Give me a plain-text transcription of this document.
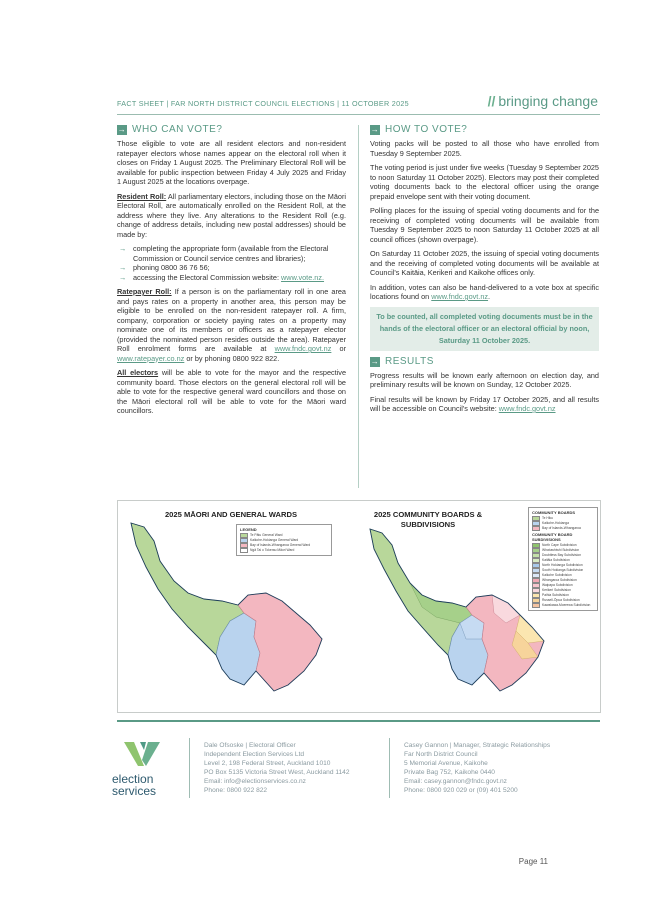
FACT SHEET | FAR NORTH DISTRICT COUNCIL ELECTIONS | 11 OCTOBER 2025	// bringing change
→ WHO CAN VOTE?

Those eligible to vote are all resident electors and non-resident ratepayer electors whose names appear on the electoral roll when it closes on Friday 1 August 2025. The Preliminary Electoral Roll will be available for public inspection between Friday 4 July 2025 and Friday 1 August 2025 at the locations overpage.

Resident Roll: All parliamentary electors, including those on the Māori Electoral Roll, are automatically enrolled on the Resident Roll, at the address where they live. Any alterations to the Resident Roll (e.g. change of address details, including new postal addresses) should be made by:

→ completing the appropriate form (available from the Electoral Commission or Council service centres and libraries);
→ phoning 0800 36 76 56;
→ accessing the Electoral Commission website: www.vote.nz.

Ratepayer Roll: If a person is on the parliamentary roll in one area and pays rates on a property in another area, this person may be eligible to be enrolled on the non-resident ratepayer roll. A firm, company, corporation or society paying rates on a property may nominate one of its members or officers as a ratepayer elector (provided the nominated person resides outside the area). Ratepayer Roll enrolment forms are available at www.fndc.govt.nz or www.ratepayer.co.nz or by phoning 0800 922 822.

All electors will be able to vote for the mayor and the respective community board. Those electors on the general electoral roll will be able to vote for the respective general ward councillors and those on the Māori electoral roll will be able to vote for the Māori ward councillors.

→ HOW TO VOTE?

Voting packs will be posted to all those who have enrolled from Tuesday 9 September 2025.

The voting period is just under five weeks (Tuesday 9 September 2025 to noon Saturday 11 October 2025). Electors may post their completed voting documents back to the electoral officer using the orange prepaid envelope sent with their voting document.

Polling places for the issuing of special voting documents and for the receiving of completed voting documents will be available from Tuesday 9 September 2025 to noon Saturday 11 October 2025 at all council offices (shown overpage).

On Saturday 11 October 2025, the issuing of special voting documents and the receiving of completed voting documents will be available at Council's Kaitāia, Kerikeri and Kaikohe offices only.

In addition, votes can also be hand-delivered to a vote box at specific locations found on www.fndc.govt.nz.

To be counted, all completed voting documents must be in the hands of the electoral officer or an electoral official by noon, Saturday 11 October 2025.
→ RESULTS

Progress results will be known early afternoon on election day, and preliminary results will be known on Sunday, 12 October 2025.

Final results will be known by Friday 17 October 2025, and all results will be accessible on Council's website: www.fndc.govt.nz

2025 MĀORI AND GENERAL WARDS
LEGEND
Te Pātu General Ward
Kaikohe-Hokianga General Ward
Bay of Islands-Whangaroa General Ward
Ngā Tai o Tokerau Māori Ward
2025 COMMUNITY BOARDS & SUBDIVISIONS
COMMUNITY BOARDS
Te Hiku
Kaikohe-Hokianga
Bay of Islands-Whangaroa
COMMUNITY BOARD SUBDIVISIONS
North Cape Subdivision
Whatuwhiwhi Subdivision
Doubtless Bay Subdivision
Kaitāia Subdivision
North Hokianga Subdivision
South Hokianga Subdivision
Kaikohe Subdivision
Whangaroa Subdivision
Waipapa Subdivision
Kerikeri Subdivision
Paihia Subdivision
Russell-Ōpua Subdivision
Kawakawa-Moerewa Subdivision
election
services
Dale Ofsoske | Electoral Officer
Independent Election Services Ltd
Level 2, 198 Federal Street, Auckland 1010
PO Box 5135 Victoria Street West, Auckland 1142
Email: info@electionservices.co.nz
Phone: 0800 922 822
Casey Gannon | Manager, Strategic Relationships
Far North District Council
5 Memorial Avenue, Kaikohe
Private Bag 752, Kaikohe 0440
Email: casey.gannon@fndc.govt.nz
Phone: 0800 920 029 or (09) 401 5200
Page 11
